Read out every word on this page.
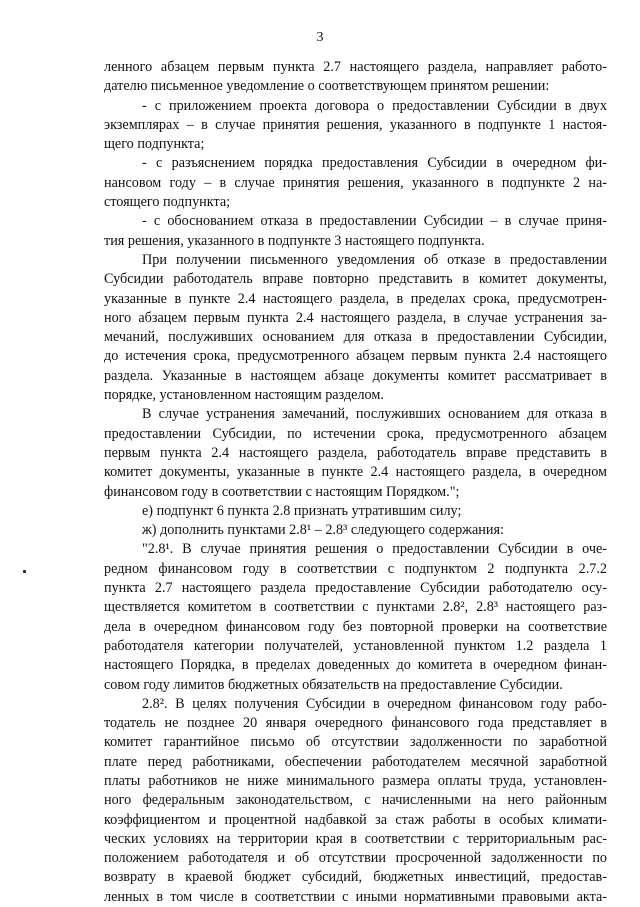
3
ленного абзацем первым пункта 2.7 настоящего раздела, направляет работо-
дателю письменное уведомление о соответствующем принятом решении:
- с приложением проекта договора о предоставлении Субсидии в двух
экземплярах – в случае принятия решения, указанного в подпункте 1 настоя-
щего подпункта;
- с разъяснением порядка предоставления Субсидии в очередном фи-
нансовом году – в случае принятия решения, указанного в подпункте 2 на-
стоящего подпункта;
- с обоснованием отказа в предоставлении Субсидии – в случае приня-
тия решения, указанного в подпункте 3 настоящего подпункта.
При получении письменного уведомления об отказе в предоставлении
Субсидии работодатель вправе повторно представить в комитет документы,
указанные в пункте 2.4 настоящего раздела, в пределах срока, предусмотрен-
ного абзацем первым пункта 2.4 настоящего раздела, в случае устранения за-
мечаний, послуживших основанием для отказа в предоставлении Субсидии,
до истечения срока, предусмотренного абзацем первым пункта 2.4 настоящего
раздела. Указанные в настоящем абзаце документы комитет рассматривает в
порядке, установленном настоящим разделом.
В случае устранения замечаний, послуживших основанием для отказа в
предоставлении Субсидии, по истечении срока, предусмотренного абзацем
первым пункта 2.4 настоящего раздела, работодатель вправе представить в
комитет документы, указанные в пункте 2.4 настоящего раздела, в очередном
финансовом году в соответствии с настоящим Порядком.";
е) подпункт 6 пункта 2.8 признать утратившим силу;
ж) дополнить пунктами 2.8¹ – 2.8³ следующего содержания:
"2.8¹. В случае принятия решения о предоставлении Субсидии в оче-
редном финансовом году в соответствии с подпунктом 2 подпункта 2.7.2
пункта 2.7 настоящего раздела предоставление Субсидии работодателю осу-
ществляется комитетом в соответствии с пунктами 2.8², 2.8³ настоящего раз-
дела в очередном финансовом году без повторной проверки на соответствие
работодателя категории получателей, установленной пунктом 1.2 раздела 1
настоящего Порядка, в пределах доведенных до комитета в очередном финан-
совом году лимитов бюджетных обязательств на предоставление Субсидии.
2.8². В целях получения Субсидии в очередном финансовом году рабо-
тодатель не позднее 20 января очередного финансового года представляет в
комитет гарантийное письмо об отсутствии задолженности по заработной
плате перед работниками, обеспечении работодателем месячной заработной
платы работников не ниже минимального размера оплаты труда, установлен-
ного федеральным законодательством, с начисленными на него районным
коэффициентом и процентной надбавкой за стаж работы в особых климати-
ческих условиях на территории края в соответствии с территориальным рас-
положением работодателя и об отсутствии просроченной задолженности по
возврату в краевой бюджет субсидий, бюджетных инвестиций, предостав-
ленных в том числе в соответствии с иными нормативными правовыми акта-
